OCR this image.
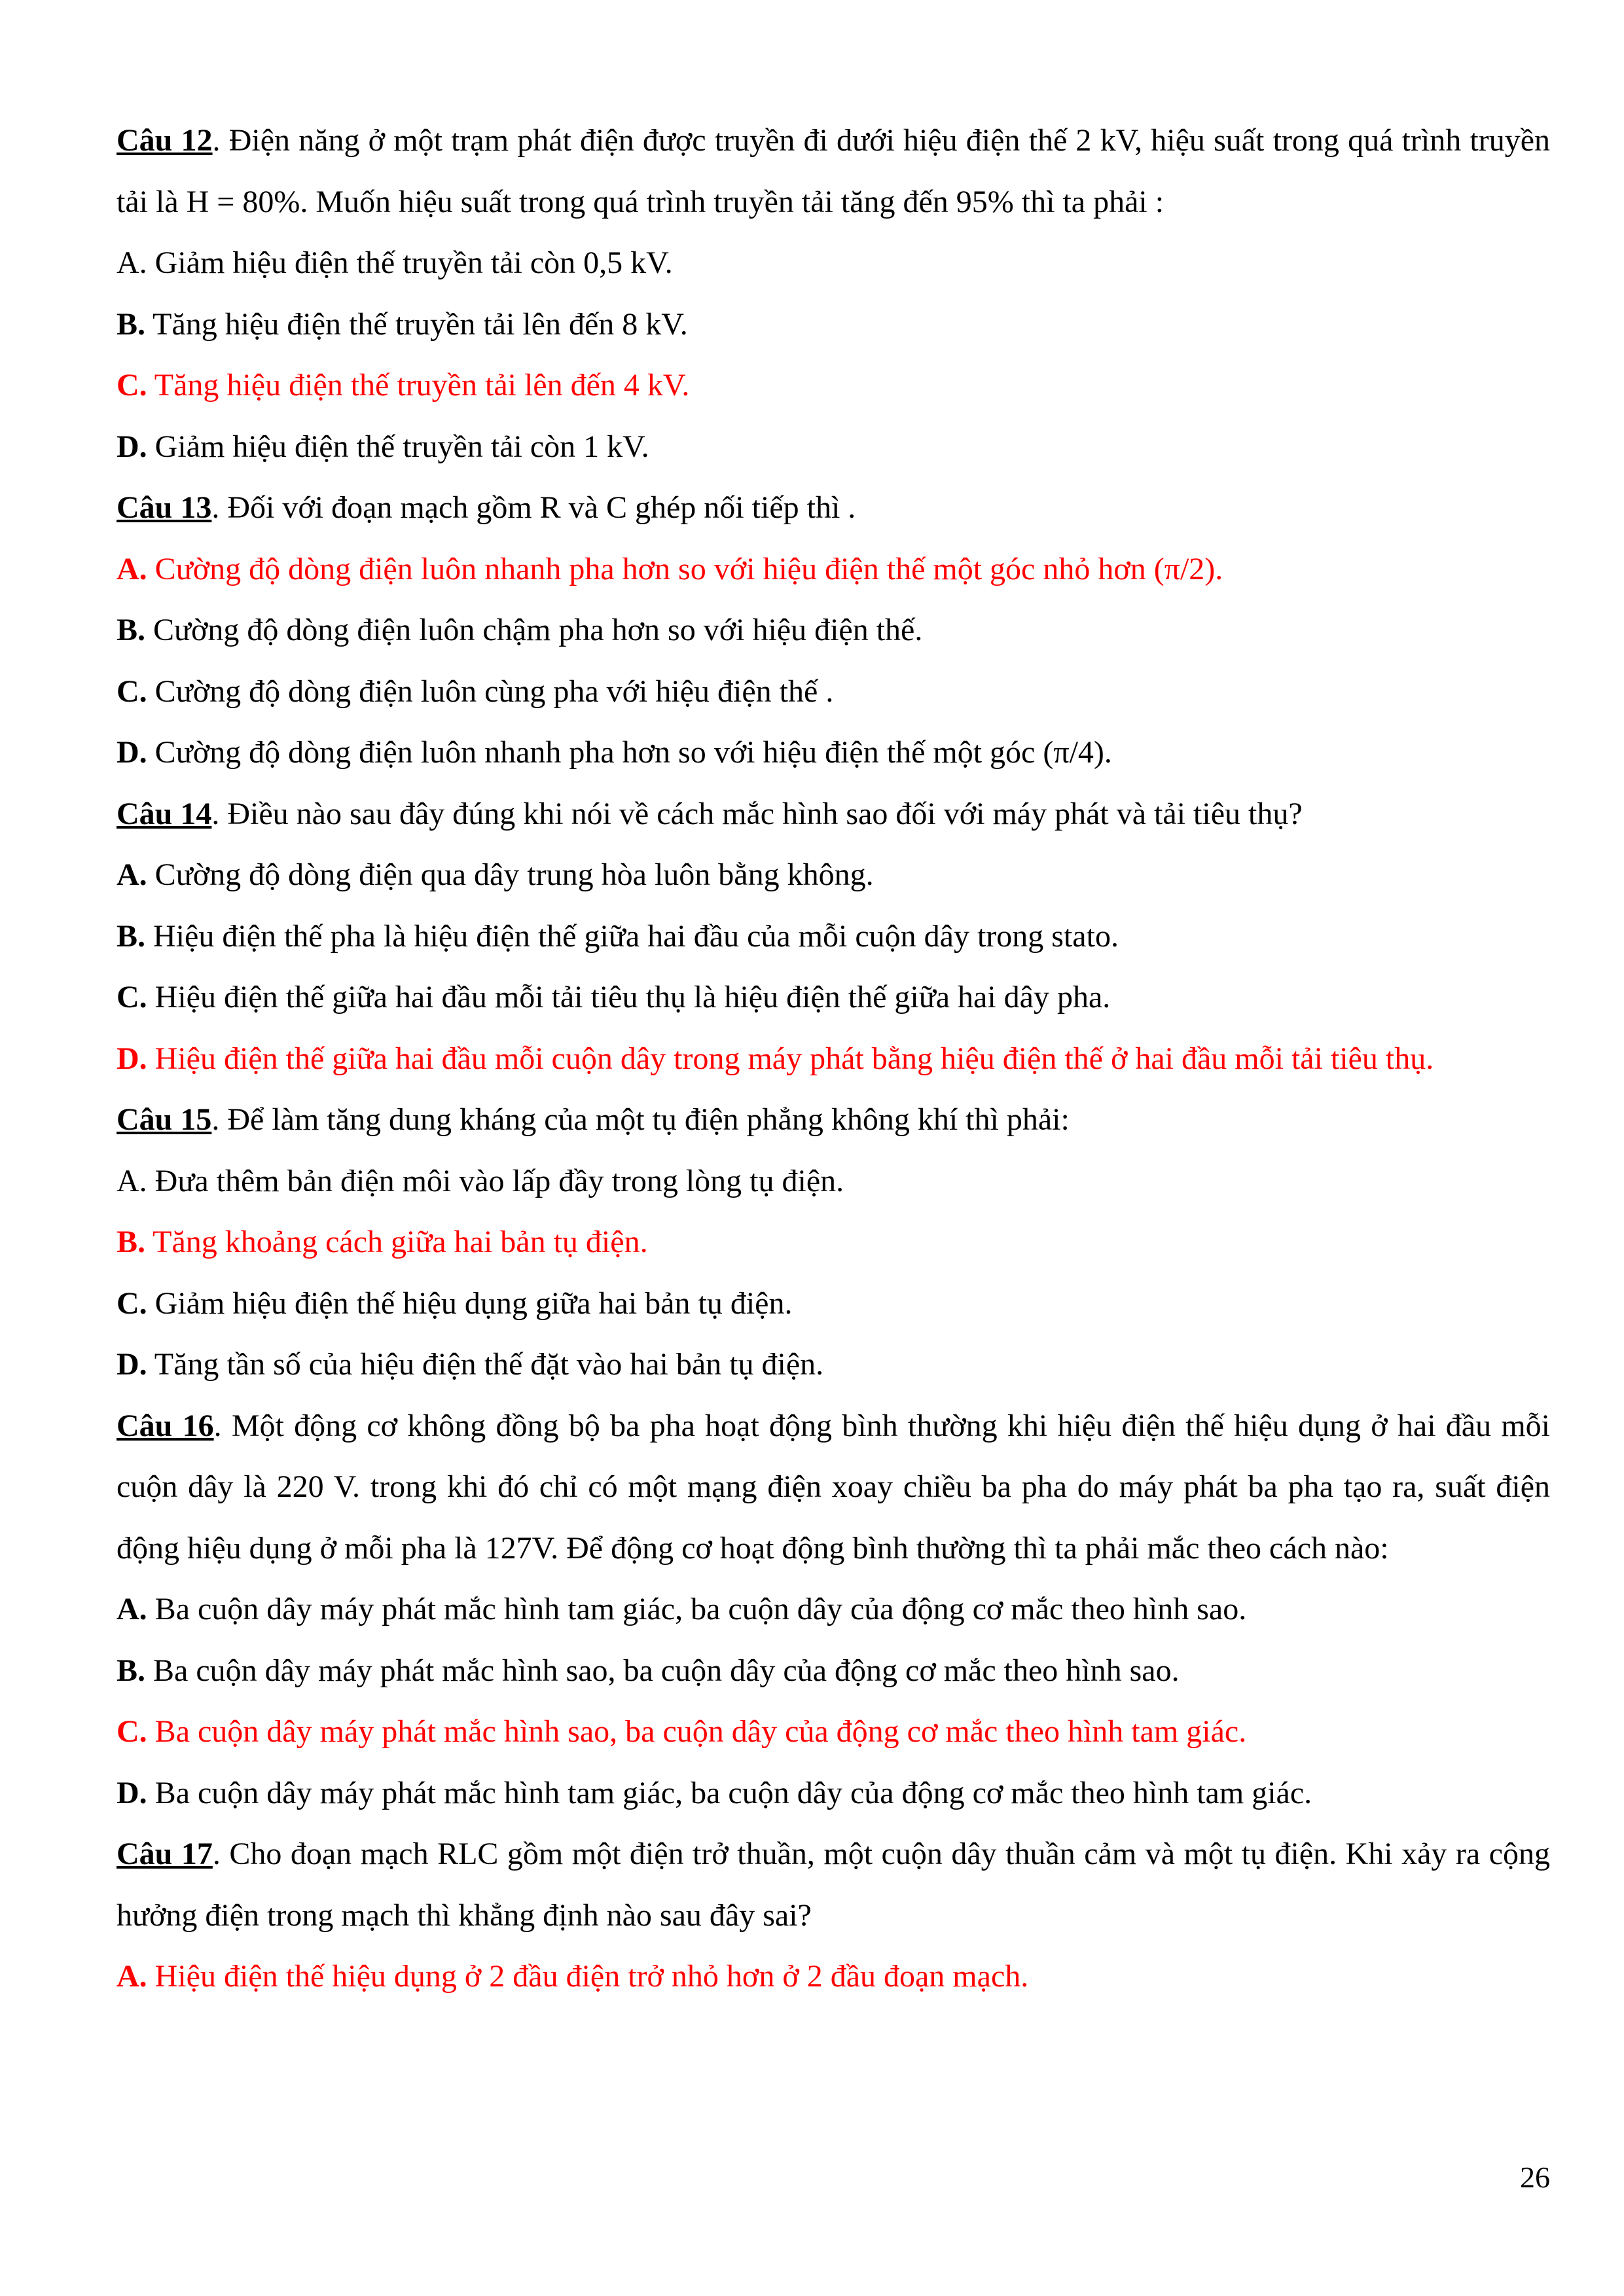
Câu 12. Điện năng ở một trạm phát điện được truyền đi dưới hiệu điện thế 2 kV, hiệu suất trong quá trình truyền tải là H = 80%. Muốn hiệu suất trong quá trình truyền tải tăng đến 95% thì ta phải :
A. Giảm hiệu điện thế truyền tải còn 0,5 kV.
B. Tăng hiệu điện thế truyền tải lên đến 8 kV.
C. Tăng hiệu điện thế truyền tải lên đến 4 kV.
D. Giảm hiệu điện thế truyền tải còn 1 kV.
Câu 13. Đối với đoạn mạch gồm R và C ghép nối tiếp thì .
A. Cường độ dòng điện luôn nhanh pha hơn so với hiệu điện thế một góc nhỏ hơn (π/2).
B. Cường độ dòng điện luôn chậm pha hơn so với hiệu điện thế.
C. Cường độ dòng điện luôn cùng pha với hiệu điện thế .
D. Cường độ dòng điện luôn nhanh pha hơn so với hiệu điện thế một góc (π/4).
Câu 14. Điều nào sau đây đúng khi nói về cách mắc hình sao đối với máy phát và tải tiêu thụ?
A. Cường độ dòng điện qua dây trung hòa luôn bằng không.
B. Hiệu điện thế pha là hiệu điện thế giữa hai đầu của mỗi cuộn dây trong stato.
C. Hiệu điện thế giữa hai đầu mỗi tải tiêu thụ là hiệu điện thế giữa hai dây pha.
D. Hiệu điện thế giữa hai đầu mỗi cuộn dây trong máy phát bằng hiệu điện thế ở hai đầu mỗi tải tiêu thụ.
Câu 15. Để làm tăng dung kháng của một tụ điện phẳng không khí thì phải:
A. Đưa thêm bản điện môi vào lấp đầy trong lòng tụ điện.
B. Tăng khoảng cách giữa hai bản tụ điện.
C. Giảm hiệu điện thế hiệu dụng giữa hai bản tụ điện.
D. Tăng tần số của hiệu điện thế đặt vào hai bản tụ điện.
Câu 16. Một động cơ không đồng bộ ba pha hoạt động bình thường khi hiệu điện thế hiệu dụng ở hai đầu mỗi cuộn dây là 220 V. trong khi đó chỉ có một mạng điện xoay chiều ba pha do máy phát ba pha tạo ra, suất điện động hiệu dụng ở mỗi pha là 127V. Để động cơ hoạt động bình thường thì ta phải mắc theo cách nào:
A. Ba cuộn dây máy phát mắc hình tam giác, ba cuộn dây của động cơ mắc theo hình sao.
B. Ba cuộn dây máy phát mắc hình sao, ba cuộn dây của động cơ mắc theo hình sao.
C. Ba cuộn dây máy phát mắc hình sao, ba cuộn dây của động cơ mắc theo hình tam giác.
D. Ba cuộn dây máy phát mắc hình tam giác, ba cuộn dây của động cơ mắc theo hình tam giác.
Câu 17. Cho đoạn mạch RLC gồm một điện trở thuần, một cuộn dây thuần cảm và một tụ điện. Khi xảy ra cộng hưởng điện trong mạch thì khẳng định nào sau đây sai?
A. Hiệu điện thế hiệu dụng ở 2 đầu điện trở nhỏ hơn ở 2 đầu đoạn mạch.
26
